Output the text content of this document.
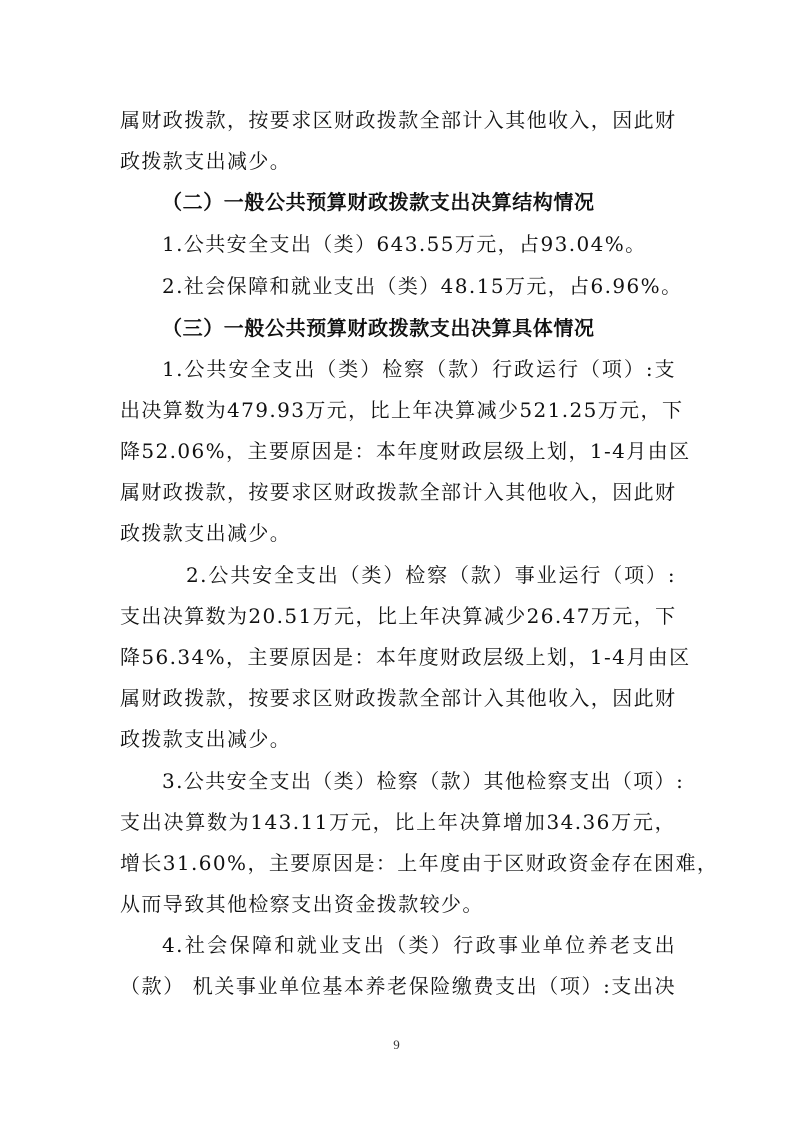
属财政拨款，按要求区财政拨款全部计入其他收入，因此财
政拨款支出减少。
（二）一般公共预算财政拨款支出决算结构情况
1.公共安全支出（类）643.55万元，占93.04%。
2.社会保障和就业支出（类）48.15万元，占6.96%。
（三）一般公共预算财政拨款支出决算具体情况
1.公共安全支出（类）检察（款）行政运行（项）:支
出决算数为479.93万元，比上年决算减少521.25万元，下
降52.06%，主要原因是：本年度财政层级上划，1-4月由区
属财政拨款，按要求区财政拨款全部计入其他收入，因此财
政拨款支出减少。
2.公共安全支出（类）检察（款）事业运行（项）:
支出决算数为20.51万元，比上年决算减少26.47万元，下
降56.34%，主要原因是：本年度财政层级上划，1-4月由区
属财政拨款，按要求区财政拨款全部计入其他收入，因此财
政拨款支出减少。
3.公共安全支出（类）检察（款）其他检察支出（项）:
支出决算数为143.11万元，比上年决算增加34.36万元，
增长31.60%，主要原因是：上年度由于区财政资金存在困难，
从而导致其他检察支出资金拨款较少。
4.社会保障和就业支出（类）行政事业单位养老支出
（款） 机关事业单位基本养老保险缴费支出（项）:支出决
9
